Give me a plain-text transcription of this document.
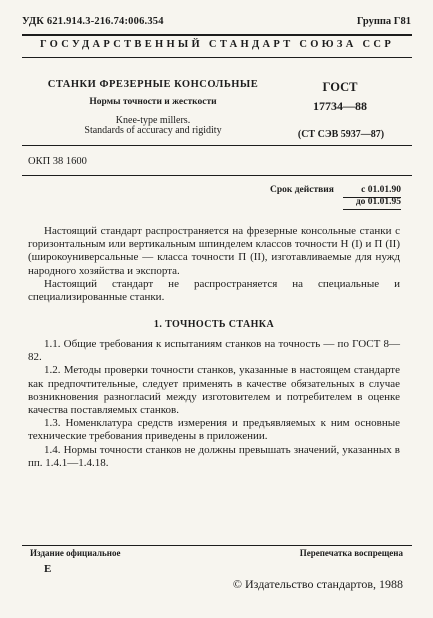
УДК 621.914.3-216.74:006.354	Группа Г81
ГОСУДАРСТВЕННЫЙ СТАНДАРТ СОЮЗА ССР
СТАНКИ ФРЕЗЕРНЫЕ КОНСОЛЬНЫЕ
Нормы точности и жесткости
Knee-type millers.
Standards of accuracy and rigidity
ГОСТ
17734—88
(СТ СЭВ 5937—87)
ОКП 38 1600
Срок действия	с 01.01.90
до 01.01.95

Настоящий стандарт распространяется на фрезерные консольные станки с горизонтальным или вертикальным шпинделем классов точности Н (I) и П (II) (широкоуниверсальные — класса точности П (II), изготавливаемые для нужд народного хозяйства и экспорта.

Настоящий стандарт не распространяется на специальные и специализированные станки.

1. ТОЧНОСТЬ СТАНКА

1.1. Общие требования к испытаниям станков на точность — по ГОСТ 8—82.

1.2. Методы проверки точности станков, указанные в настоящем стандарте как предпочтительные, следует применять в качестве обязательных в случае возникновения разногласий между изготовителем и потребителем в оценке качества поставляемых станков.

1.3. Номенклатура средств измерения и предъявляемых к ним основные технические требования приведены в приложении.

1.4. Нормы точности станков не должны превышать значений, указанных в пп. 1.4.1—1.4.18.

Издание официальное	Перепечатка воспрещена
E
© Издательство стандартов, 1988
